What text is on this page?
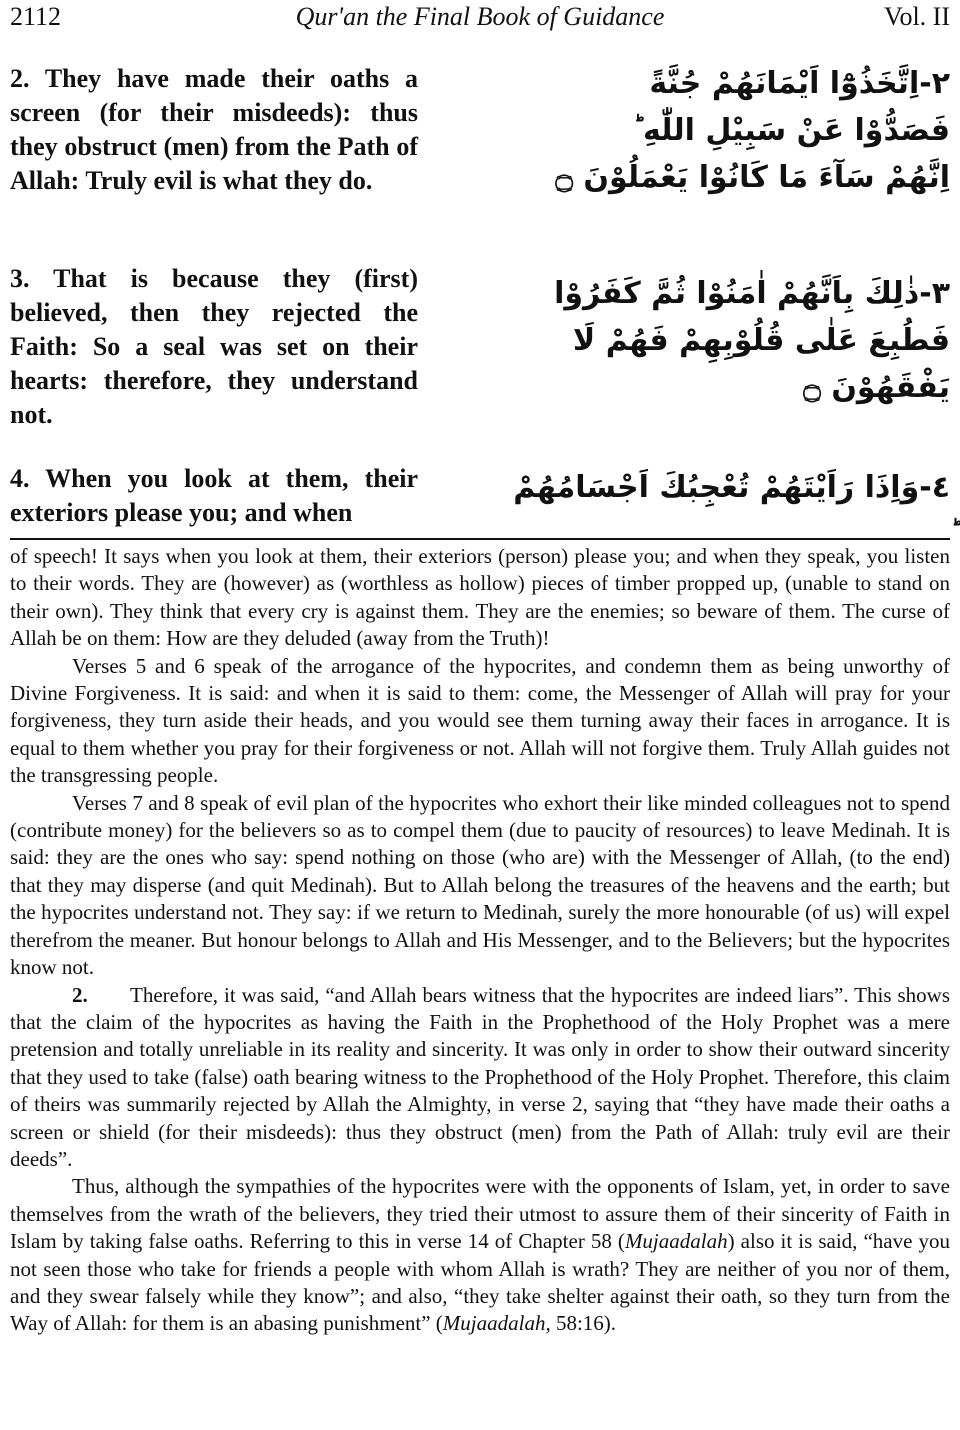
Qur'an the Final Book of Guidance
2112	Vol. II
2. They have made their oaths a screen (for their misdeeds): thus they obstruct (men) from the Path of Allah: Truly evil is what they do.
٢-اِتَّخَذُوْٓا اَيْمَانَهُمْ جُنَّةً
فَصَدُّوْا عَنْ سَبِيْلِ اللّٰهِ ؕ
اِنَّهُمْ سَآءَ مَا كَانُوْا يَعْمَلُوْنَ ۝
3. That is because they (first) believed, then they rejected the Faith: So a seal was set on their hearts: therefore, they understand not.
٣-ذٰلِكَ بِاَنَّهُمْ اٰمَنُوْا ثُمَّ كَفَرُوْا
فَطُبِعَ عَلٰى قُلُوْبِهِمْ فَهُمْ لَا يَفْقَهُوْنَ ۝
4. When you look at them, their exteriors please you; and when
٤-وَاِذَا رَاَيْتَهُمْ تُعْجِبُكَ اَجْسَامُهُمْ

of speech! It says when you look at them, their exteriors (person) please you; and when they speak, you listen to their words. They are (however) as (worthless as hollow) pieces of timber propped up, (unable to stand on their own). They think that every cry is against them. They are the enemies; so beware of them. The curse of Allah be on them: How are they deluded (away from the Truth)!

Verses 5 and 6 speak of the arrogance of the hypocrites, and condemn them as being unworthy of Divine Forgiveness. It is said: and when it is said to them: come, the Messenger of Allah will pray for your forgiveness, they turn aside their heads, and you would see them turning away their faces in arrogance. It is equal to them whether you pray for their forgiveness or not. Allah will not forgive them. Truly Allah guides not the transgressing people.

Verses 7 and 8 speak of evil plan of the hypocrites who exhort their like minded colleagues not to spend (contribute money) for the believers so as to compel them (due to paucity of resources) to leave Medinah. It is said: they are the ones who say: spend nothing on those (who are) with the Messenger of Allah, (to the end) that they may disperse (and quit Medinah). But to Allah belong the treasures of the heavens and the earth; but the hypocrites understand not. They say: if we return to Medinah, surely the more honourable (of us) will expel therefrom the meaner. But honour belongs to Allah and His Messenger, and to the Believers; but the hypocrites know not.

2. Therefore, it was said, “and Allah bears witness that the hypocrites are indeed liars”. This shows that the claim of the hypocrites as having the Faith in the Prophethood of the Holy Prophet was a mere pretension and totally unreliable in its reality and sincerity. It was only in order to show their outward sincerity that they used to take (false) oath bearing witness to the Prophethood of the Holy Prophet. Therefore, this claim of theirs was summarily rejected by Allah the Almighty, in verse 2, saying that “they have made their oaths a screen or shield (for their misdeeds): thus they obstruct (men) from the Path of Allah: truly evil are their deeds”.

Thus, although the sympathies of the hypocrites were with the opponents of Islam, yet, in order to save themselves from the wrath of the believers, they tried their utmost to assure them of their sincerity of Faith in Islam by taking false oaths. Referring to this in verse 14 of Chapter 58 (Mujaadalah) also it is said, “have you not seen those who take for friends a people with whom Allah is wrath? They are neither of you nor of them, and they swear falsely while they know”; and also, “they take shelter against their oath, so they turn from the Way of Allah: for them is an abasing punishment” (Mujaadalah, 58:16).
